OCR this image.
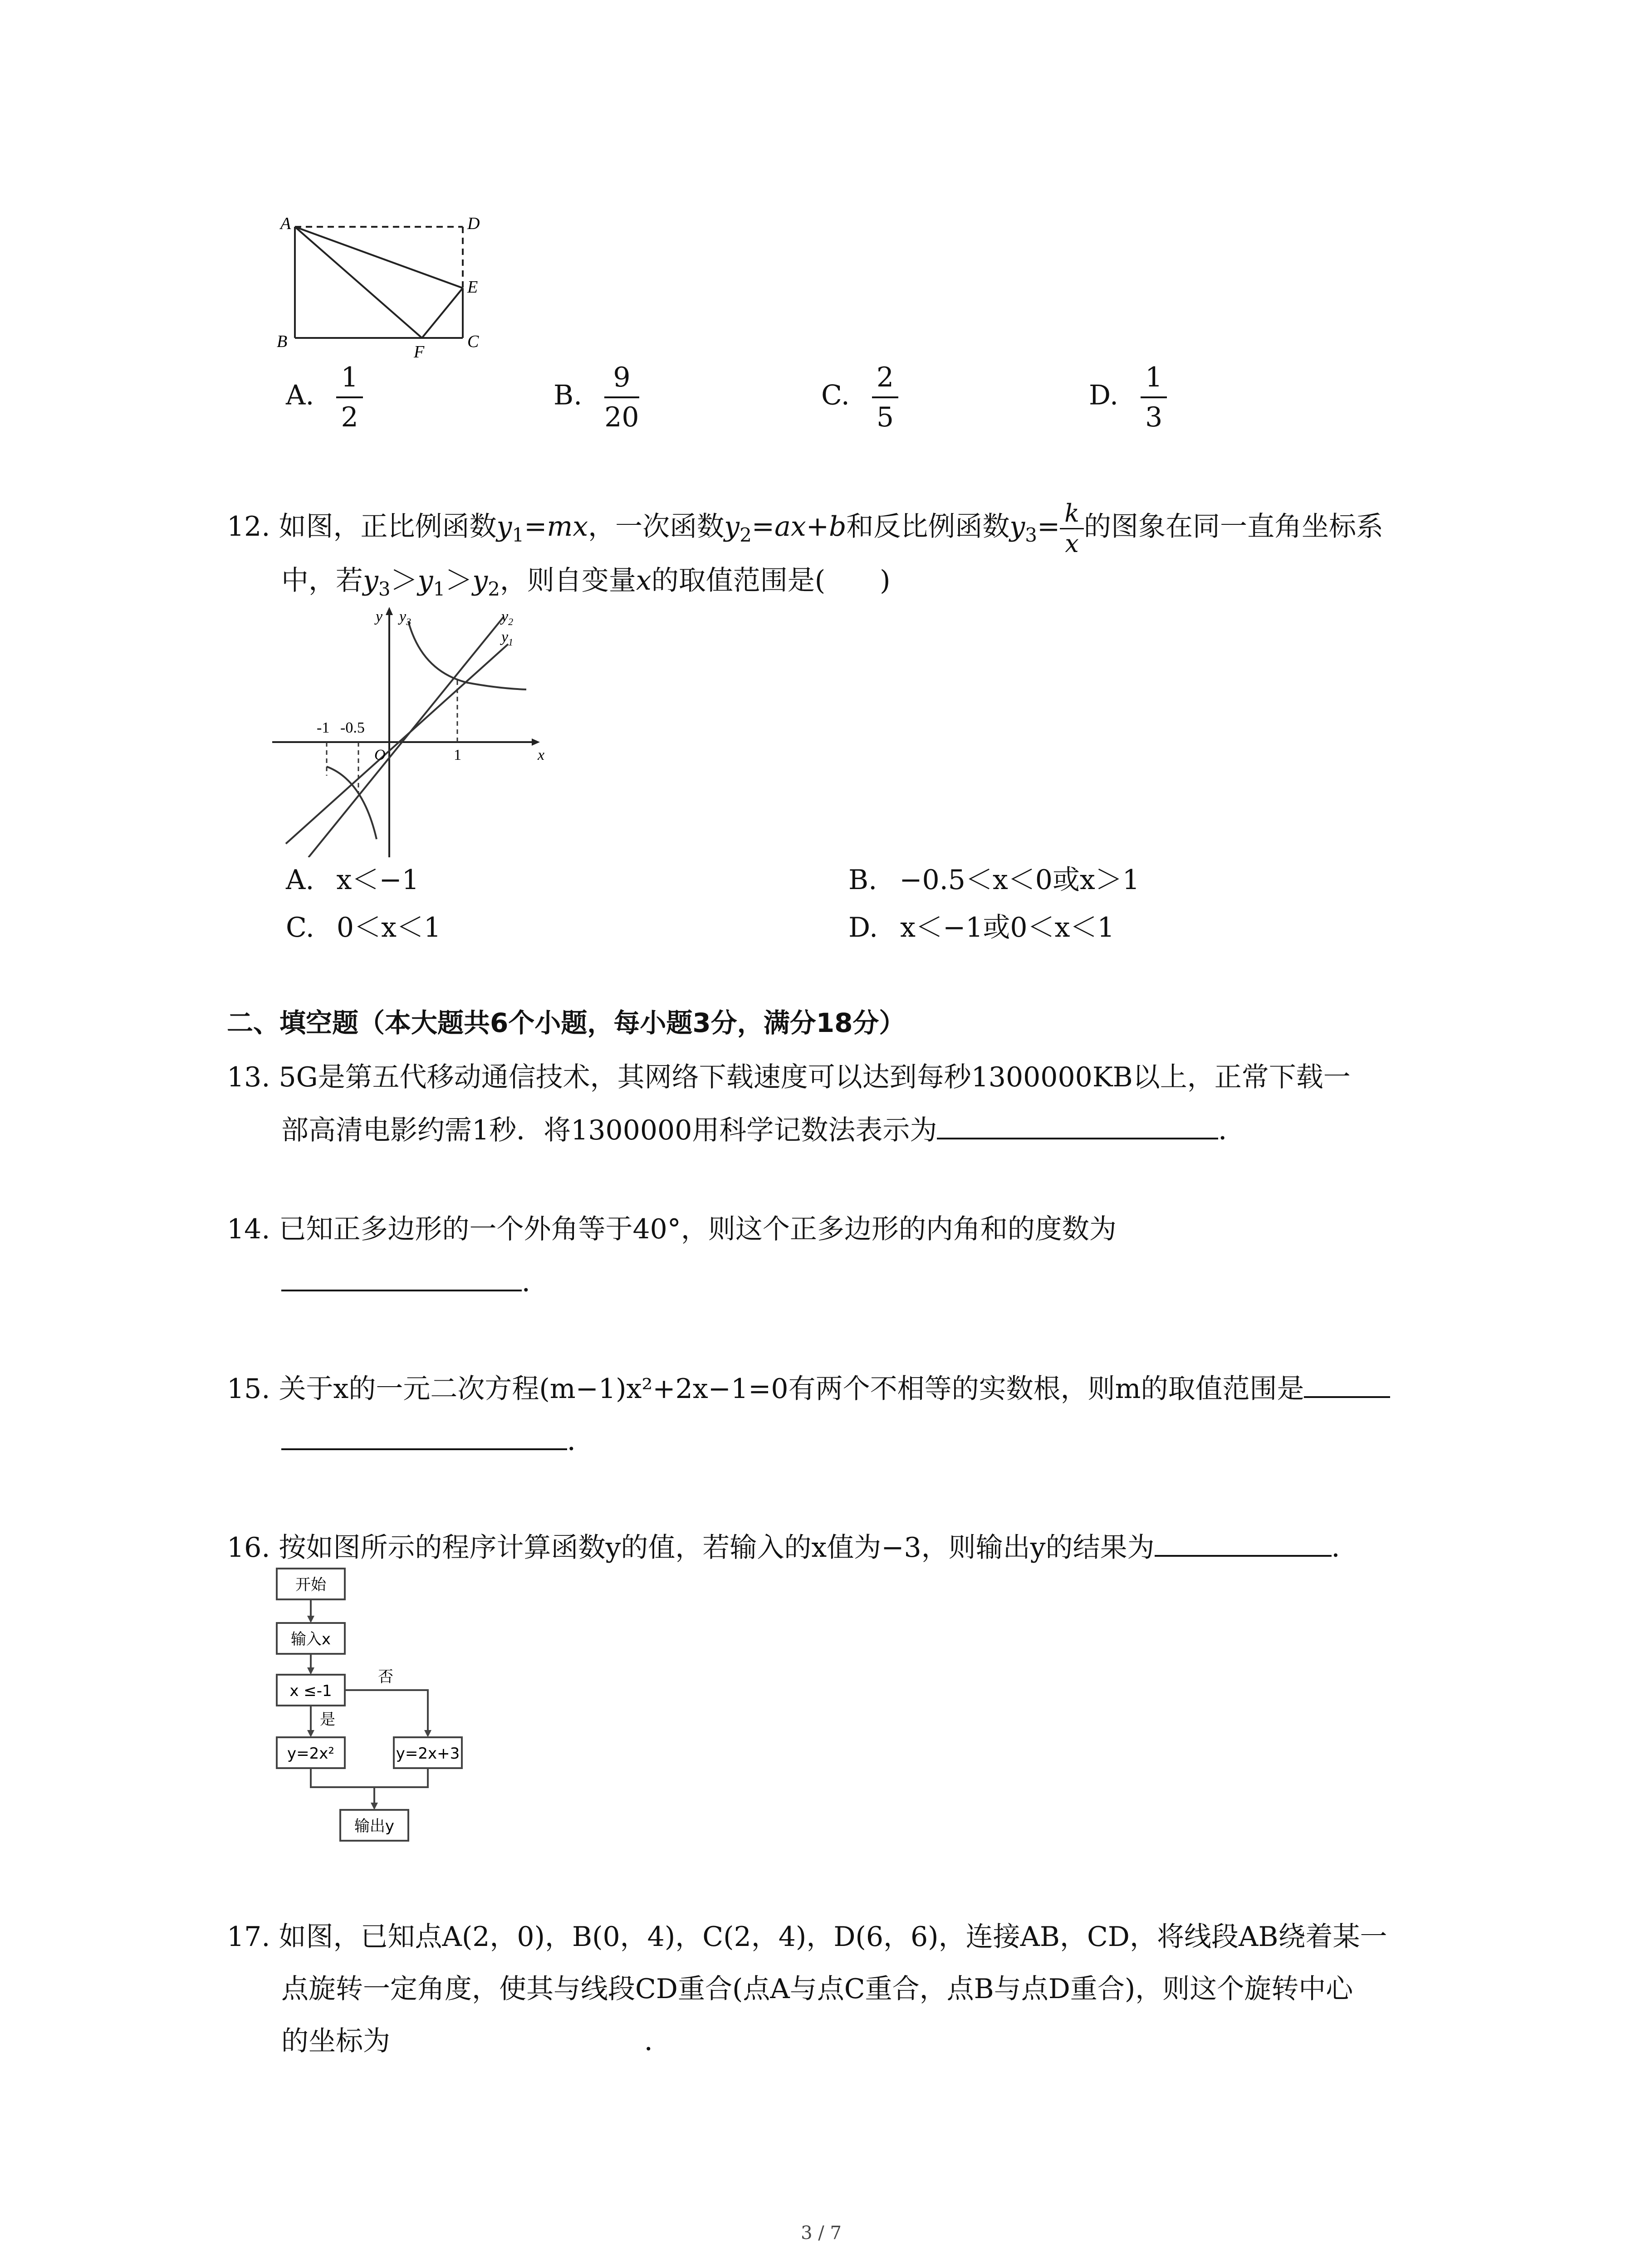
A	D
E
B
F
C
A. $\frac{1}{2}$	B. $\frac{9}{20}$	C. $\frac{2}{5}$	D. $\frac{1}{3}$
12. 如图，正比例函数$y_1=mx$，一次函数$y_2=ax+b$和反比例函数$y_3= \frac{k}{x}$ 的图象在同一直角坐标系
中，若$y_3>y_1>y_2$，则自变量x的取值范围是(　　)
y $y_3$	$y_2$
$y_1$
-1 -0.5
O	1	x
A. x＜−1	B. −0.5＜x＜0或x＞1
C. 0＜x＜1	D. x＜−1或0＜x＜1
二、填空题（本大题共6个小题，每小题3分，满分18分）
13. 5G是第五代移动通信技术，其网络下载速度可以达到每秒1300000KB以上，正常下载一
部高清电影约需1秒．将1300000用科学记数法表示为	．
14. 已知正多边形的一个外角等于40°，则这个正多边形的内角和的度数为
．
15. 关于x的一元二次方程(m−1)x²+2x−1=0有两个不相等的实数根，则m的取值范围是
．
16. 按如图所示的程序计算函数y的值，若输入的x值为−3，则输出y的结果为	．
开始
输入x
x ≤-1
否
是
y=2x²	y=2x+3
输出y
17. 如图，已知点A(2，0)，B(0，4)，C(2，4)，D(6，6)，连接AB，CD，将线段AB绕着某一
点旋转一定角度，使其与线段CD重合(点A与点C重合，点B与点D重合)，则这个旋转中心
的坐标为	．
3 / 7
